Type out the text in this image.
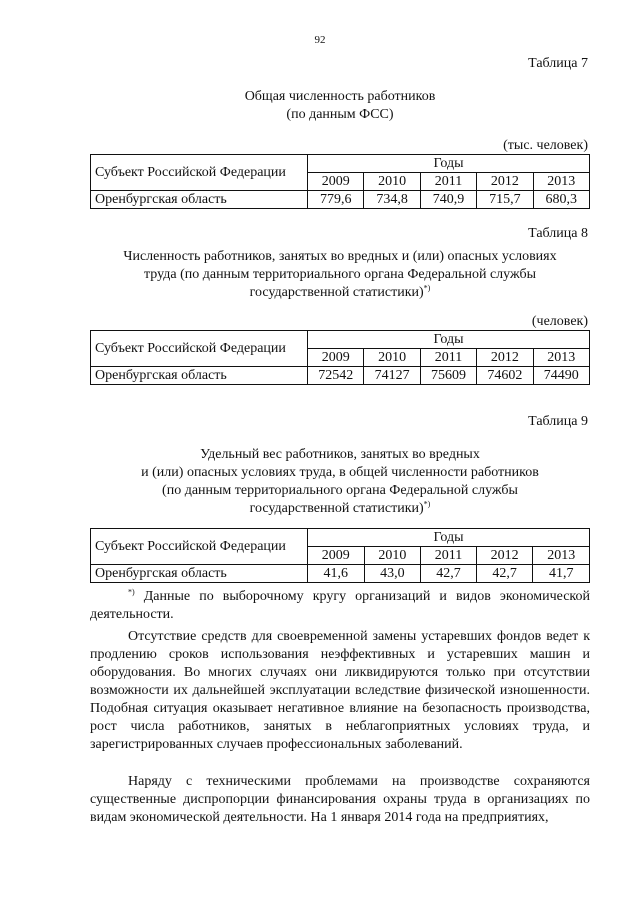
92
Таблица 7
Общая численность работников
(по данным ФСС)
(тыс. человек)
Субъект Российской Федерации	Годы				
	2009	2010	2011	2012	2013
Оренбургская область	779,6	734,8	740,9	715,7	680,3
Таблица 8
Численность работников, занятых во вредных и (или) опасных условиях
труда (по данным территориального органа Федеральной службы
государственной статистики)*)
(человек)
Субъект Российской Федерации	Годы				
	2009	2010	2011	2012	2013
Оренбургская область	72542	74127	75609	74602	74490
Таблица 9
Удельный вес работников, занятых во вредных
и (или) опасных условиях труда, в общей численности работников
(по данным территориального органа Федеральной службы
государственной статистики)*)
Субъект Российской Федерации	Годы				
	2009	2010	2011	2012	2013
Оренбургская область	41,6	43,0	42,7	42,7	41,7
*) Данные по выборочному кругу организаций и видов экономической деятельности.
Отсутствие средств для своевременной замены устаревших фондов ведет к продлению сроков использования неэффективных и устаревших машин и оборудования. Во многих случаях они ликвидируются только при отсутствии возможности их дальнейшей эксплуатации вследствие физической изношенности. Подобная ситуация оказывает негативное влияние на безопасность производства, рост числа работников, занятых в неблагоприятных условиях труда, и зарегистрированных случаев профессиональных заболеваний.
Наряду с техническими проблемами на производстве сохраняются существенные диспропорции финансирования охраны труда в организациях по видам экономической деятельности. На 1 января 2014 года на предприятиях,
